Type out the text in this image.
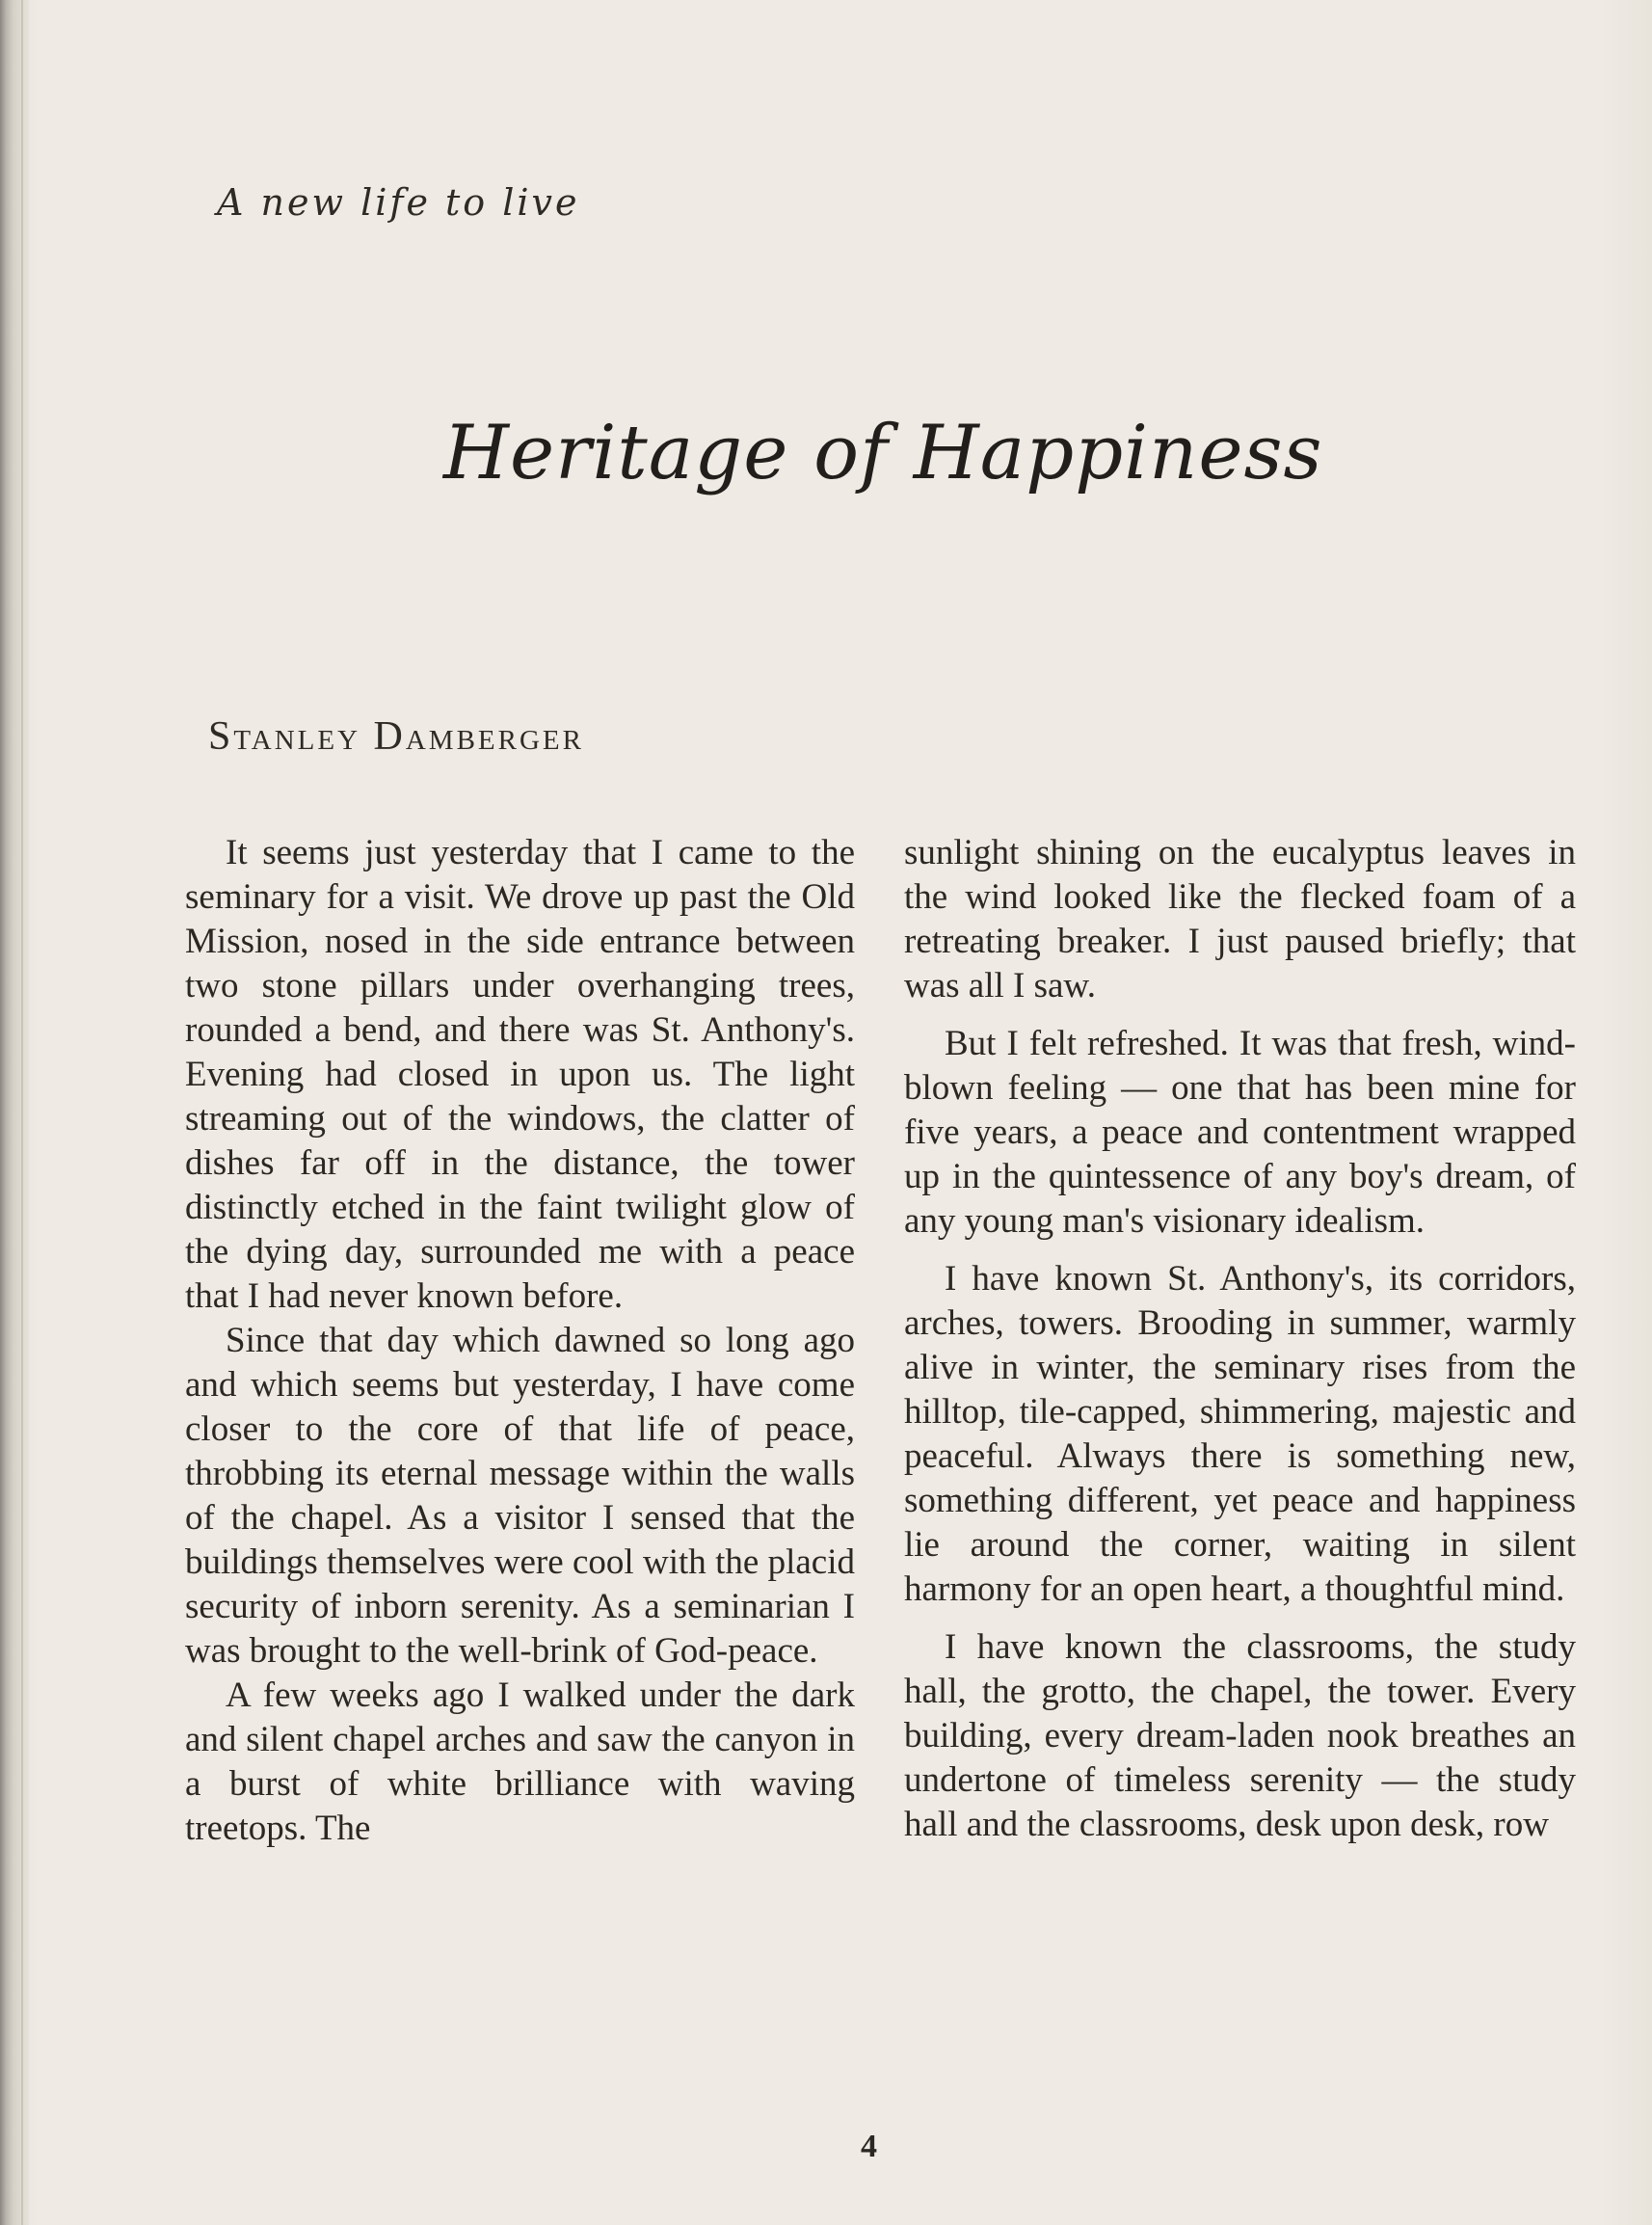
A new life to live
Heritage of Happiness
Stanley Damberger

It seems just yesterday that I came to the seminary for a visit. We drove up past the Old Mission, nosed in the side entrance between two stone pillars under overhanging trees, rounded a bend, and there was St. Anthony's. Evening had closed in upon us. The light streaming out of the windows, the clatter of dishes far off in the distance, the tower distinctly etched in the faint twilight glow of the dying day, surrounded me with a peace that I had never known before.

Since that day which dawned so long ago and which seems but yesterday, I have come closer to the core of that life of peace, throbbing its eternal message within the walls of the chapel. As a visitor I sensed that the buildings themselves were cool with the placid security of inborn serenity. As a seminarian I was brought to the well-brink of God-peace.

A few weeks ago I walked under the dark and silent chapel arches and saw the canyon in a burst of white brilliance with waving treetops. The

sunlight shining on the eucalyptus leaves in the wind looked like the flecked foam of a retreating breaker. I just paused briefly; that was all I saw.

But I felt refreshed. It was that fresh, wind-blown feeling — one that has been mine for five years, a peace and contentment wrapped up in the quintessence of any boy's dream, of any young man's visionary idealism.

I have known St. Anthony's, its corridors, arches, towers. Brooding in summer, warmly alive in winter, the seminary rises from the hilltop, tile-capped, shimmering, majestic and peaceful. Always there is something new, something different, yet peace and happiness lie around the corner, waiting in silent harmony for an open heart, a thoughtful mind.

I have known the classrooms, the study hall, the grotto, the chapel, the tower. Every building, every dream-laden nook breathes an undertone of timeless serenity — the study hall and the classrooms, desk upon desk, row

4
